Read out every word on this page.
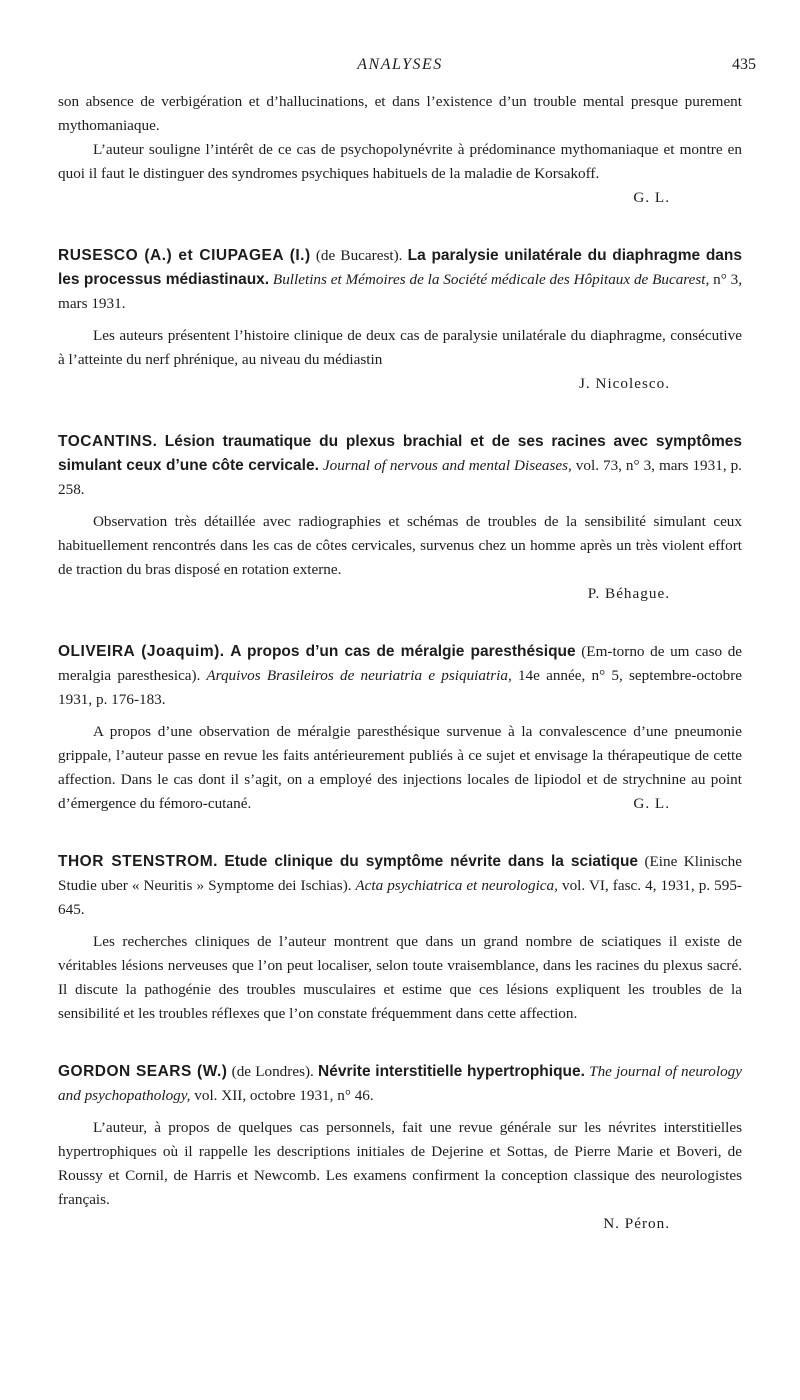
ANALYSES	435

son absence de verbigération et d’hallucinations, et dans l’existence d’un trouble mental presque purement mythomaniaque.

L’auteur souligne l’intérêt de ce cas de psychopolynévrite à prédominance mythomaniaque et montre en quoi il faut le distinguer des syndromes psychiques habituels de la maladie de Korsakoff.
G. L.

RUSESCO (A.) et CIUPAGEA (I.) (de Bucarest). La paralysie unilatérale du diaphragme dans les processus médiastinaux. Bulletins et Mémoires de la Société médicale des Hôpitaux de Bucarest, n° 3, mars 1931.

Les auteurs présentent l’histoire clinique de deux cas de paralysie unilatérale du diaphragme, consécutive à l’atteinte du nerf phrénique, au niveau du médiastin

J. Nicolesco.

TOCANTINS. Lésion traumatique du plexus brachial et de ses racines avec symptômes simulant ceux d’une côte cervicale. Journal of nervous and mental Diseases, vol. 73, n° 3, mars 1931, p. 258.

Observation très détaillée avec radiographies et schémas de troubles de la sensibilité simulant ceux habituellement rencontrés dans les cas de côtes cervicales, survenus chez un homme après un très violent effort de traction du bras disposé en rotation externe.

P. Béhague.

OLIVEIRA (Joaquim). A propos d’un cas de méralgie paresthésique (Em-torno de um caso de meralgia paresthesica). Arquivos Brasileiros de neuriatria e psiquiatria, 14e année, n° 5, septembre-octobre 1931, p. 176-183.

A propos d’une observation de méralgie paresthésique survenue à la convalescence d’une pneumonie grippale, l’auteur passe en revue les faits antérieurement publiés à ce sujet et envisage la thérapeutique de cette affection. Dans le cas dont il s’agit, on a employé des injections locales de lipiodol et de strychnine au point d’émergence du fémoro-cutané.	G. L.

THOR STENSTROM. Etude clinique du symptôme névrite dans la sciatique (Eine Klinische Studie uber « Neuritis » Symptome dei Ischias). Acta psychiatrica et neurologica, vol. VI, fasc. 4, 1931, p. 595-645.

Les recherches cliniques de l’auteur montrent que dans un grand nombre de sciatiques il existe de véritables lésions nerveuses que l’on peut localiser, selon toute vraisemblance, dans les racines du plexus sacré. Il discute la pathogénie des troubles musculaires et estime que ces lésions expliquent les troubles de la sensibilité et les troubles réflexes que l’on constate fréquemment dans cette affection.

GORDON SEARS (W.) (de Londres). Névrite interstitielle hypertrophique. The journal of neurology and psychopathology, vol. XII, octobre 1931, n° 46.

L’auteur, à propos de quelques cas personnels, fait une revue générale sur les névrites interstitielles hypertrophiques où il rappelle les descriptions initiales de Dejerine et Sottas, de Pierre Marie et Boveri, de Roussy et Cornil, de Harris et Newcomb. Les examens confirment la conception classique des neurologistes français.

N. Péron.
